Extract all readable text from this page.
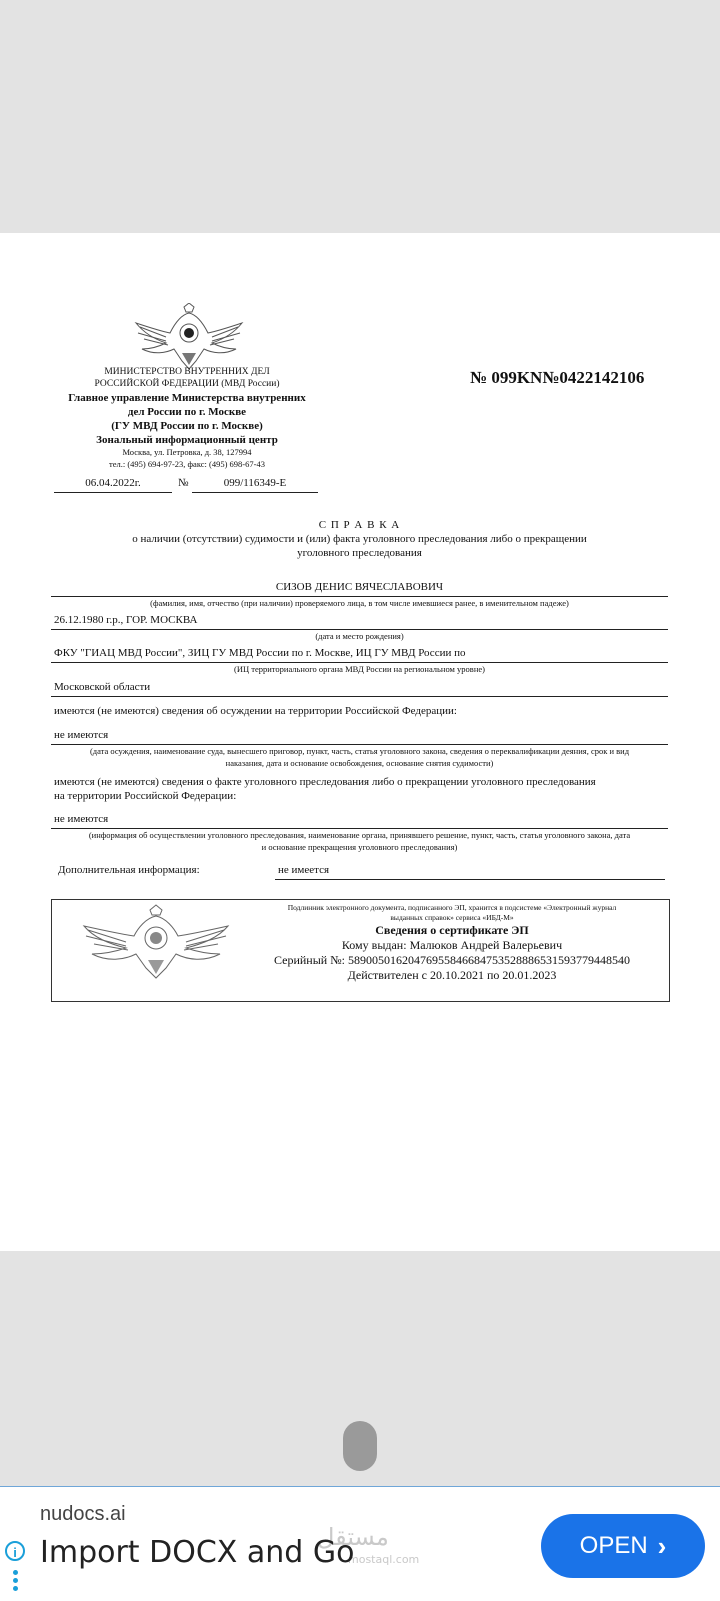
МИНИСТЕРСТВО ВНУТРЕННИХ ДЕЛ
РОССИЙСКОЙ ФЕДЕРАЦИИ (МВД России)
Главное управление Министерства внутренних
дел России по г. Москве
(ГУ МВД России по г. Москве)
Зональный информационный центр
Москва, ул. Петровка, д. 38, 127994
тел.: (495) 694-97-23, факс: (495) 698-67-43
06.04.2022г.	№	099/116349-Е
№ 099KN№0422142106
С П Р А В К А
о наличии (отсутствии) судимости и (или) факта уголовного преследования либо о прекращении
уголовного преследования
СИЗОВ ДЕНИС ВЯЧЕСЛАВОВИЧ
(фамилия, имя, отчество (при наличии) проверяемого лица, в том числе имевшиеся ранее, в именительном падеже)
26.12.1980 г.р., ГОР. МОСКВА
(дата и место рождения)
ФКУ "ГИАЦ МВД России", ЗИЦ ГУ МВД России по г. Москве, ИЦ ГУ МВД России по
(ИЦ территориального органа МВД России на региональном уровне)
Московской области
имеются (не имеются) сведения об осуждении на территории Российской Федерации:
не имеются
(дата осуждения, наименование суда, вынесшего приговор, пункт, часть, статья уголовного закона, сведения о переквалификации деяния, срок и вид
наказания, дата и основание освобождения, основание снятия судимости)
имеются (не имеются) сведения о факте уголовного преследования либо о прекращении уголовного преследования
на территории Российской Федерации:
не имеются
(информация об осуществлении уголовного преследования, наименование органа, принявшего решение, пункт, часть, статья уголовного закона, дата
и основание прекращения уголовного преследования)
Дополнительная информация:	не имеется
Подлинник электронного документа, подписанного ЭП, хранится в подсистеме «Электронный журнал
выданных справок» сервиса «ИБД-М»
Сведения о сертификате ЭП
Кому выдан: Малюков Андрей Валерьевич
Серийный №: 589005016204769558466847535288865315937794485​40
Действителен с 20.10.2021 по 20.01.2023
مستقل
mostaql.com
nudocs.ai
Import DOCX and Go
i	OPEN ›
